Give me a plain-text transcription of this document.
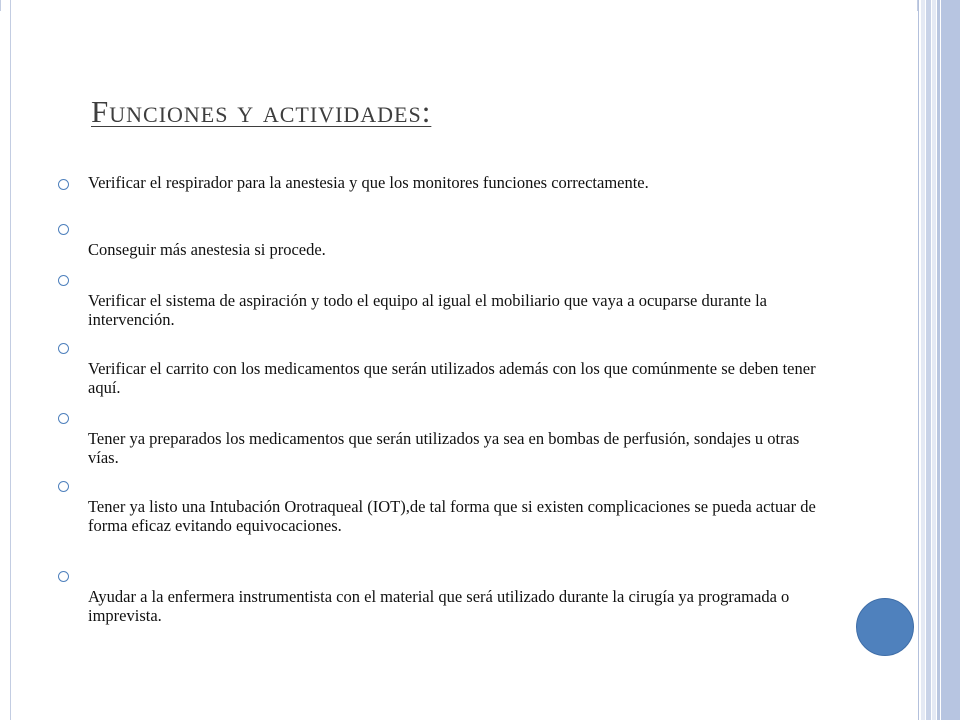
Funciones y actividades:
Verificar el respirador para la anestesia y que los monitores funciones correctamente.
Conseguir más anestesia si procede.
Verificar el sistema de aspiración y todo el equipo al igual el mobiliario que vaya a ocuparse durante la intervención.
Verificar el carrito con los medicamentos que serán utilizados además con los que comúnmente se deben tener aquí.
Tener ya preparados los medicamentos que serán utilizados ya sea en bombas de perfusión, sondajes u otras vías.
Tener ya listo una Intubación Orotraqueal (IOT),de tal forma que si existen complicaciones se pueda actuar de forma eficaz evitando equivocaciones.
Ayudar a la enfermera instrumentista con el material que será utilizado durante la cirugía ya programada o imprevista.
